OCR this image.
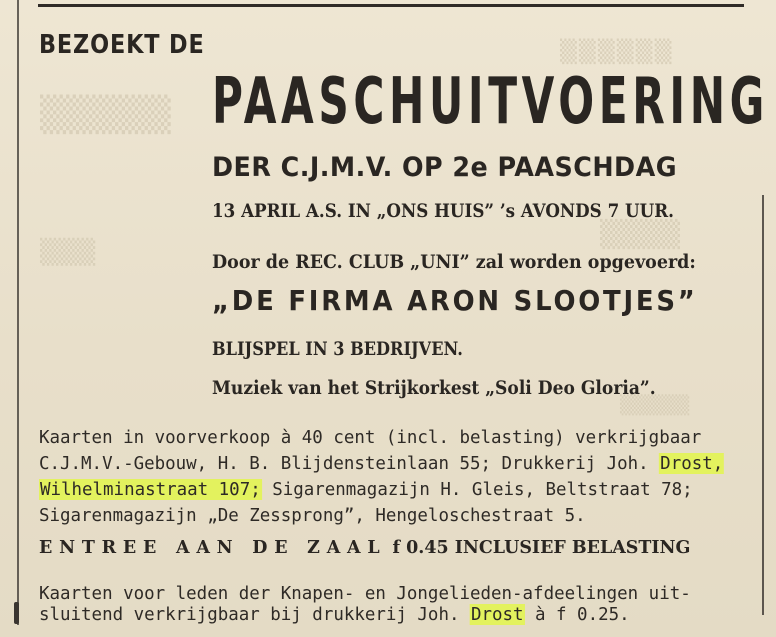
▒▒▒▒▒
▒▒▒▒▒▒
▒▒▒▒
▒▒▒
▒▒▒▒▒
BEZOEKT DE
PAASCHUITVOERING
DER C.J.M.V. OP 2e PAASCHDAG
13 APRIL A.S. IN „ONS HUIS” ’s AVONDS 7 UUR.
Door de REC. CLUB „UNI” zal worden opgevoerd:
„DE FIRMA ARON SLOOTJES”
BLIJSPEL IN 3 BEDRIJVEN.
Muziek van het Strijkorkest „Soli Deo Gloria”.
Kaarten in voorverkoop à 40 cent (incl. belasting) verkrijgbaar
C.J.M.V.-Gebouw, H. B. Blijdensteinlaan 55; Drukkerij Joh. Drost,
Wilhelminastraat 107; Sigarenmagazijn H. Gleis, Beltstraat 78;
Sigarenmagazijn „De Zessprong”, Hengeloschestraat 5.
ENTREE AAN DE ZAAL f 0.45 INCLUSIEF BELASTING
Kaarten voor leden der Knapen- en Jongelieden-afdeelingen uit-
sluitend verkrijgbaar bij drukkerij Joh. Drost à f 0.25.
